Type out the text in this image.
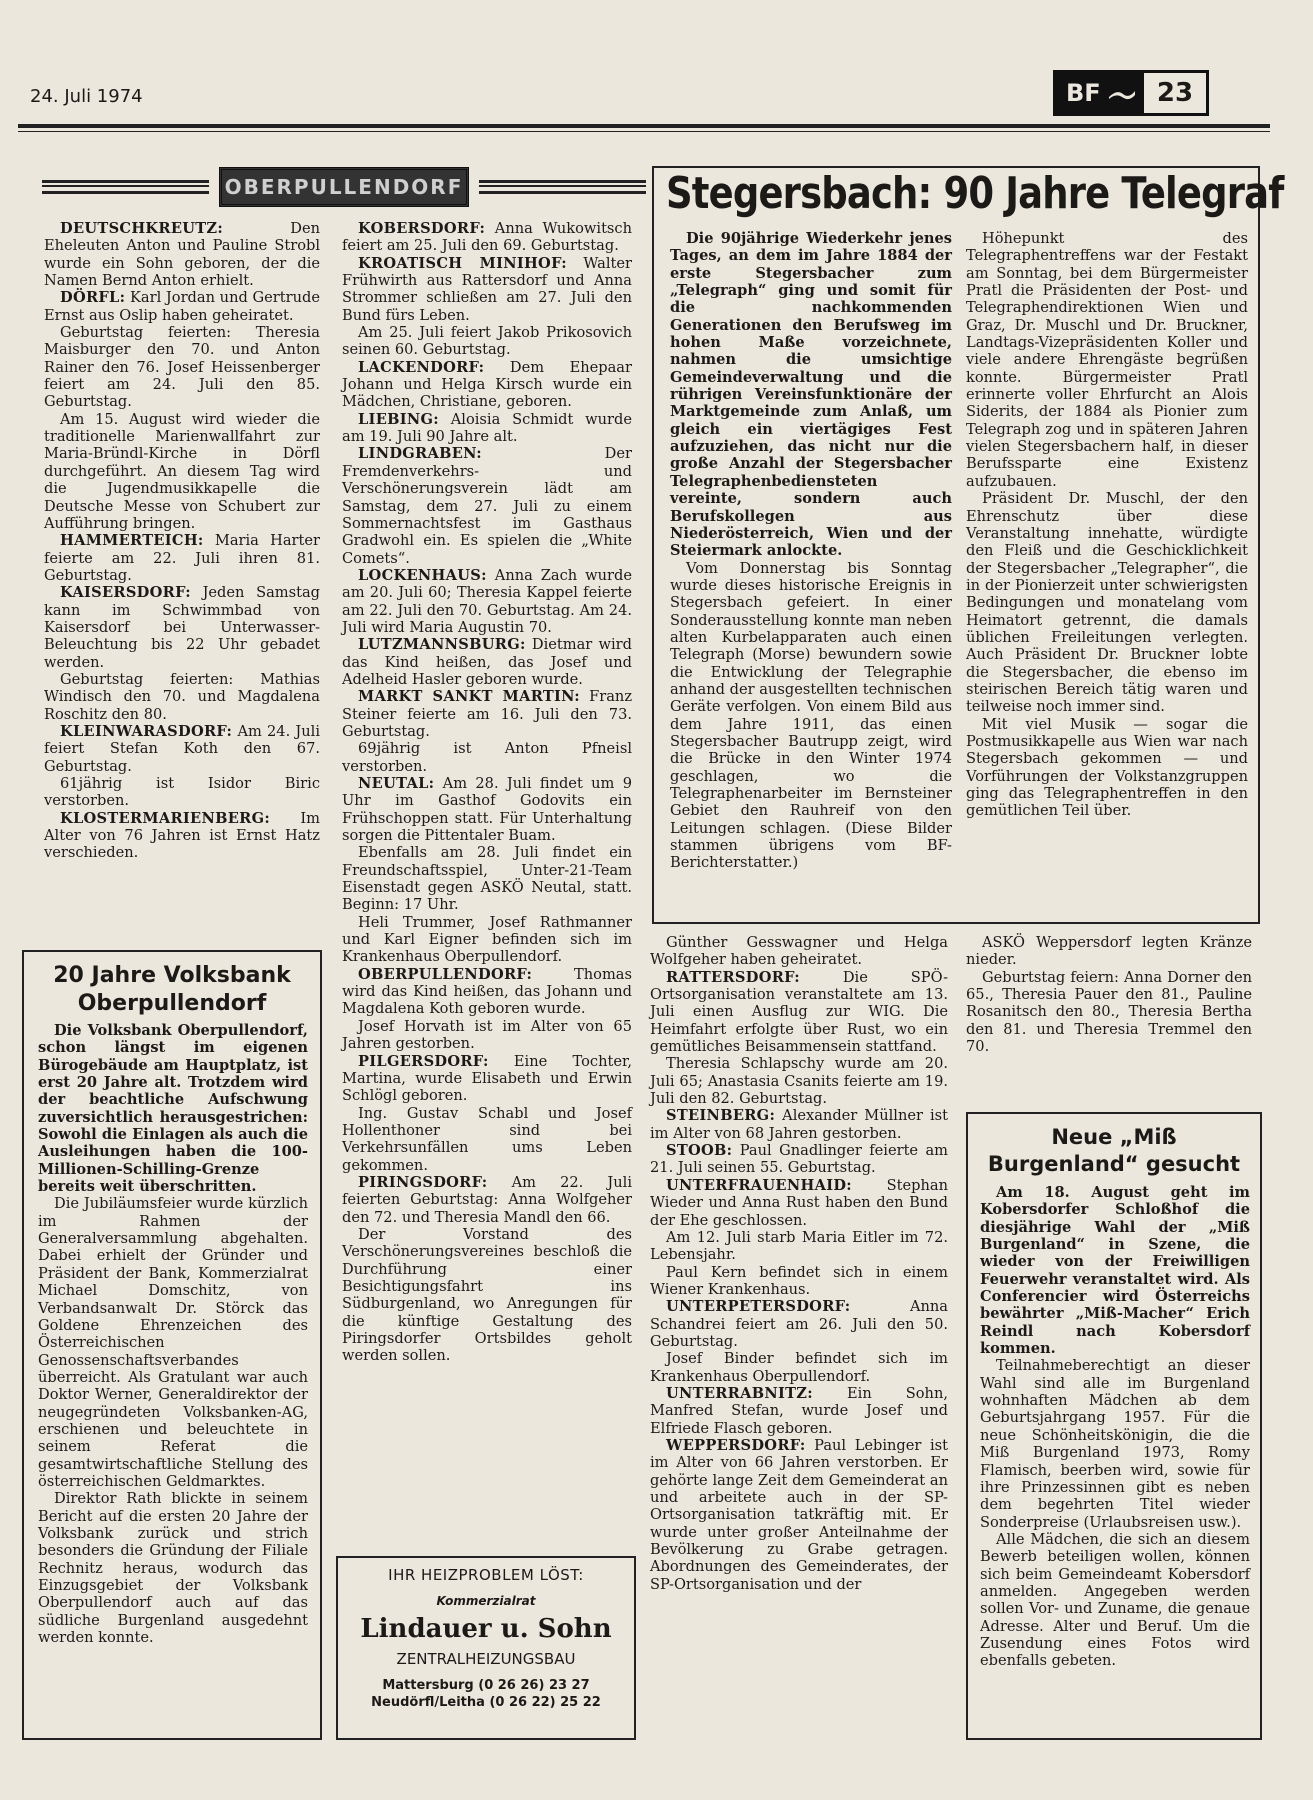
24. Juli 1974	BF	23
OBERPULLENDORF

DEUTSCHKREUTZ:	Den Eheleuten Anton und Pauline Strobl wurde ein Sohn geboren, der die Namen Bernd Anton erhielt.

DÖRFL: Karl Jordan und Gertrude Ernst aus Oslip haben geheiratet.

Geburtstag feierten: Theresia Maisburger den 70. und Anton Rainer den 76. Josef Heissenberger feiert am 24. Juli den 85. Geburtstag.

Am 15. August wird wieder die traditionelle Marienwallfahrt zur Maria-Bründl-Kirche in Dörfl durchgeführt. An diesem Tag wird die Jugendmusikkapelle die Deutsche Messe von Schubert zur Aufführung bringen.

HAMMERTEICH: Maria Harter feierte am 22. Juli ihren 81. Geburtstag.

KAISERSDORF: Jeden Samstag kann im Schwimmbad von Kaisersdorf bei Unterwasser-Beleuchtung bis 22 Uhr gebadet werden.

Geburtstag feierten: Mathias Windisch den 70. und Magdalena Roschitz den 80.

KLEINWARASDORF: Am 24. Juli feiert Stefan Koth den 67. Geburtstag.

61jährig ist Isidor Biric verstorben.

KLOSTERMARIENBERG: Im Alter von 76 Jahren ist Ernst Hatz verschieden.

KOBERSDORF: Anna Wukowitsch feiert am 25. Juli den 69. Geburtstag.

KROATISCH MINIHOF: Walter Frühwirth aus Rattersdorf und Anna Strommer schließen am 27. Juli den Bund fürs Leben.

Am 25. Juli feiert Jakob Prikosovich seinen 60. Geburtstag.

LACKENDORF: Dem Ehepaar Johann und Helga Kirsch wurde ein Mädchen, Christiane, geboren.

LIEBING: Aloisia Schmidt wurde am 19. Juli 90 Jahre alt.

LINDGRABEN:	Der Fremdenverkehrs- und Verschönerungsverein lädt am Samstag, dem 27. Juli zu einem Sommernachtsfest im Gasthaus Gradwohl ein. Es spielen die „White Comets“.

LOCKENHAUS: Anna Zach wurde am 20. Juli 60; Theresia Kappel feierte am 22. Juli den 70. Geburtstag. Am 24. Juli wird Maria Augustin 70.

LUTZMANNSBURG: Dietmar wird das Kind heißen, das Josef und Adelheid Hasler geboren wurde.

MARKT SANKT MARTIN: Franz Steiner feierte am 16. Juli den 73. Geburtstag.

69jährig ist Anton Pfneisl verstorben.

NEUTAL: Am 28. Juli findet um 9 Uhr im Gasthof Godovits ein Frühschoppen statt. Für Unterhaltung sorgen die Pittentaler Buam.

Ebenfalls am 28. Juli findet ein Freundschaftsspiel, Unter-21-Team Eisenstadt gegen ASKÖ Neutal, statt. Beginn: 17 Uhr.

Heli Trummer, Josef Rathmanner und Karl Eigner befinden sich im Krankenhaus Oberpullendorf.

OBERPULLENDORF:	Thomas wird das Kind heißen, das Johann und Magdalena Koth geboren wurde.

Josef Horvath ist im Alter von 65 Jahren gestorben.

PILGERSDORF: Eine Tochter, Martina, wurde Elisabeth und Erwin Schlögl geboren.

Ing. Gustav Schabl und Josef Hollenthoner sind bei Verkehrsunfällen ums Leben gekommen.

PIRINGSDORF: Am 22. Juli feierten Geburtstag: Anna Wolfgeher den 72. und Theresia Mandl den 66.

Der Vorstand des Verschönerungsvereines beschloß die Durchführung einer Besichtigungsfahrt ins Südburgenland, wo Anregungen für die künftige Gestaltung des Piringsdorfer Ortsbildes geholt werden sollen.

Stegersbach: 90 Jahre Telegraf

Die 90jährige Wiederkehr jenes Tages, an dem im Jahre 1884 der erste Stegersbacher zum „Telegraph“ ging und somit für die nachkommenden Generationen den Berufsweg im hohen Maße vorzeichnete, nahmen die umsichtige Gemeindeverwaltung und die rührigen Vereinsfunktionäre der Marktgemeinde zum Anlaß, um gleich ein viertägiges Fest aufzuziehen, das nicht nur die große Anzahl der Stegersbacher Telegraphenbediensteten vereinte, sondern auch Berufskollegen aus Niederösterreich, Wien und der Steiermark anlockte.

Vom Donnerstag bis Sonntag wurde dieses historische Ereignis in Stegersbach gefeiert. In einer Sonderausstellung konnte man neben alten Kurbelapparaten auch einen Telegraph (Morse) bewundern sowie die Entwicklung der Telegraphie anhand der ausgestellten technischen Geräte verfolgen. Von einem Bild aus dem Jahre 1911, das einen Stegersbacher Bautrupp zeigt, wird die Brücke in den Winter 1974 geschlagen, wo die Telegraphenarbeiter im Bernsteiner Gebiet den Rauhreif von den Leitungen schlagen. (Diese Bilder stammen übrigens vom BF-Berichterstatter.)

Höhepunkt des Telegraphentreffens war der Festakt am Sonntag, bei dem Bürgermeister Pratl die Präsidenten der Post- und Telegraphendirektionen Wien und Graz, Dr. Muschl und Dr. Bruckner, Landtags-Vizepräsidenten Koller und viele andere Ehrengäste begrüßen konnte. Bürgermeister Pratl erinnerte voller Ehrfurcht an Alois Siderits, der 1884 als Pionier zum Telegraph zog und in späteren Jahren vielen Stegersbachern half, in dieser Berufssparte eine Existenz aufzubauen.

Präsident Dr. Muschl, der den Ehrenschutz über diese Veranstaltung innehatte, würdigte den Fleiß und die Geschicklichkeit der Stegersbacher „Telegrapher“, die in der Pionierzeit unter schwierigsten Bedingungen und monatelang vom Heimatort getrennt, die damals üblichen Freileitungen verlegten. Auch Präsident Dr. Bruckner lobte die Stegersbacher, die ebenso im steirischen Bereich tätig waren und teilweise noch immer sind.

Mit viel Musik — sogar die Postmusikkapelle aus Wien war nach Stegersbach gekommen — und Vorführungen der Volkstanzgruppen ging das Telegraphentreffen in den gemütlichen Teil über.

20 Jahre Volksbank Oberpullendorf

Die Volksbank Oberpullendorf, schon längst im eigenen Bürogebäude am Hauptplatz, ist erst 20 Jahre alt. Trotzdem wird der beachtliche Aufschwung zuversichtlich herausgestrichen: Sowohl die Einlagen als auch die Ausleihungen haben die 100-Millionen-Schilling-Grenze bereits weit überschritten.

Die Jubiläumsfeier wurde kürzlich im Rahmen der Generalversammlung abgehalten. Dabei erhielt der Gründer und Präsident der Bank, Kommerzialrat Michael Domschitz, von Verbandsanwalt Dr. Störck das Goldene Ehrenzeichen des Österreichischen Genossenschaftsverbandes überreicht. Als Gratulant war auch Doktor Werner, Generaldirektor der neugegründeten Volksbanken-AG, erschienen und beleuchtete in seinem Referat die gesamtwirtschaftliche Stellung des österreichischen Geldmarktes.

Direktor Rath blickte in seinem Bericht auf die ersten 20 Jahre der Volksbank zurück und strich besonders die Gründung der Filiale Rechnitz heraus, wodurch das Einzugsgebiet der Volksbank Oberpullendorf auch auf das südliche Burgenland ausgedehnt werden konnte.

IHR HEIZPROBLEM LÖST:
Kommerzialrat
Lindauer u. Sohn
ZENTRALHEIZUNGSBAU
Mattersburg (0 26 26) 23 27
Neudörfl/Leitha (0 26 22) 25 22

Günther Gesswagner und Helga Wolfgeher haben geheiratet.

RATTERSDORF:	Die SPÖ-Ortsorganisation veranstaltete am 13. Juli einen Ausflug zur WIG. Die Heimfahrt erfolgte über Rust, wo ein gemütliches Beisammensein stattfand.

Theresia Schlapschy wurde am 20. Juli 65; Anastasia Csanits feierte am 19. Juli den 82. Geburtstag.

STEINBERG: Alexander Müllner ist im Alter von 68 Jahren gestorben.

STOOB: Paul Gnadlinger feierte am 21. Juli seinen 55. Geburtstag.

UNTERFRAUENHAID: Stephan Wieder und Anna Rust haben den Bund der Ehe geschlossen.

Am 12. Juli starb Maria Eitler im 72. Lebensjahr.

Paul Kern befindet sich in einem Wiener Krankenhaus.

UNTERPETERSDORF:	Anna Schandrei feiert am 26. Juli den 50. Geburtstag.

Josef Binder befindet sich im Krankenhaus Oberpullendorf.

UNTERRABNITZ: Ein Sohn, Manfred Stefan, wurde Josef und Elfriede Flasch geboren.

WEPPERSDORF: Paul Lebinger ist im Alter von 66 Jahren verstorben. Er gehörte lange Zeit dem Gemeinderat an und arbeitete auch in der SP-Ortsorganisation tatkräftig mit. Er wurde unter großer Anteilnahme der Bevölkerung zu Grabe getragen. Abordnungen des Gemeinderates, der SP-Ortsorganisation und der

ASKÖ Weppersdorf legten Kränze nieder.

Geburtstag feiern: Anna Dorner den 65., Theresia Pauer den 81., Pauline Rosanitsch den 80., Theresia Bertha den 81. und Theresia Tremmel den 70.

Neue „Miß Burgenland“ gesucht

Am 18. August geht im Kobersdorfer Schloßhof die diesjährige Wahl der „Miß Burgenland“ in Szene, die wieder von der Freiwilligen Feuerwehr veranstaltet wird. Als Conferencier wird Österreichs bewährter „Miß-Macher“ Erich Reindl nach Kobersdorf kommen.

Teilnahmeberechtigt an dieser Wahl sind alle im Burgenland wohnhaften Mädchen ab dem Geburtsjahrgang 1957. Für die neue Schönheitskönigin, die die Miß Burgenland 1973, Romy Flamisch, beerben wird, sowie für ihre Prinzessinnen gibt es neben dem begehrten Titel wieder Sonderpreise (Urlaubsreisen usw.).

Alle Mädchen, die sich an diesem Bewerb beteiligen wollen, können sich beim Gemeindeamt Kobersdorf anmelden. Angegeben werden sollen Vor- und Zuname, die genaue Adresse. Alter und Beruf. Um die Zusendung eines Fotos wird ebenfalls gebeten.
